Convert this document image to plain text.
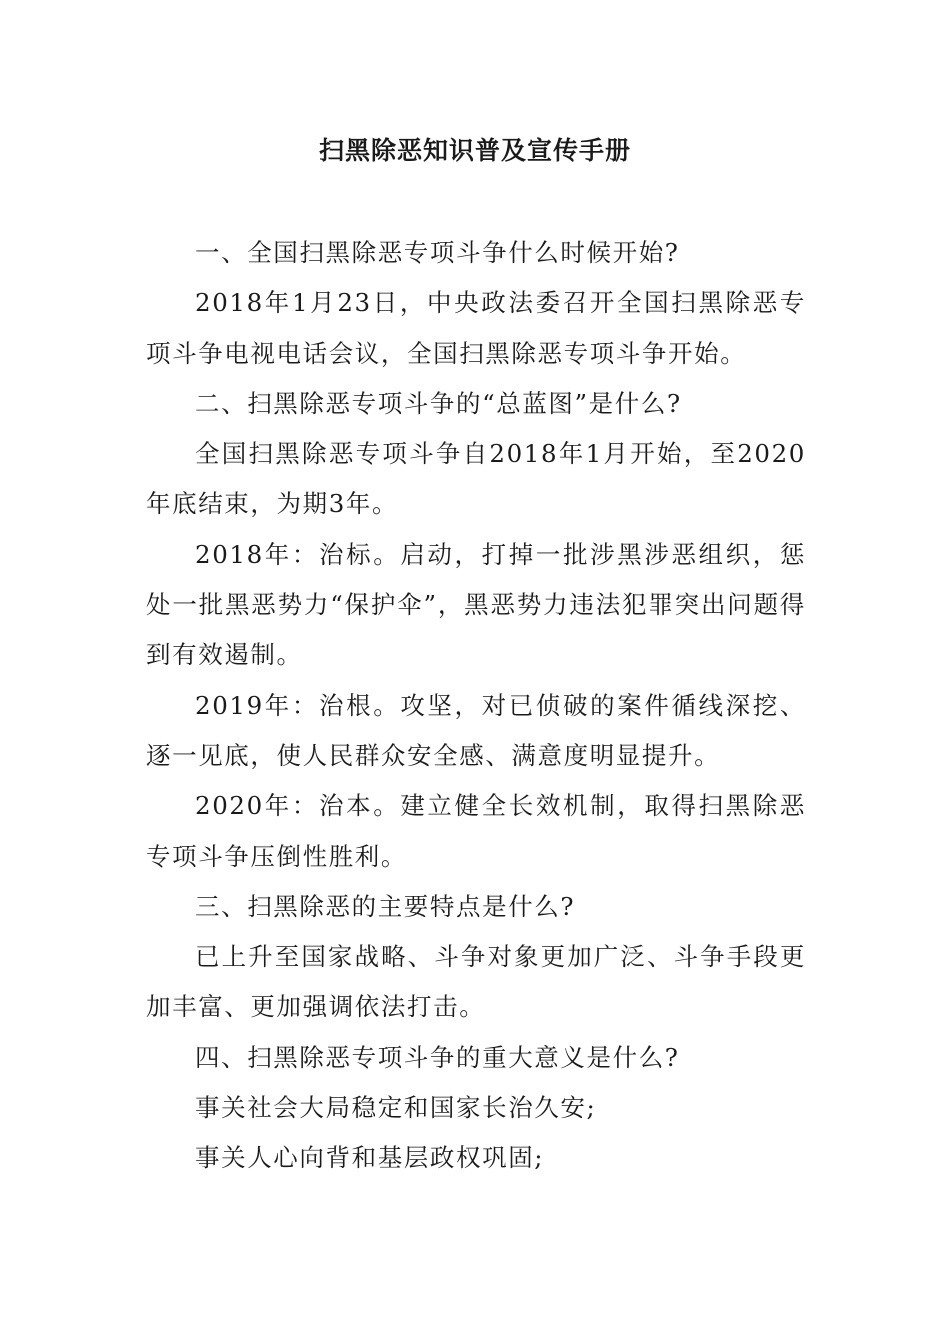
扫黑除恶知识普及宣传手册

一、全国扫黑除恶专项斗争什么时候开始?

2018年1月23日，中央政法委召开全国扫黑除恶专项斗争电视电话会议，全国扫黑除恶专项斗争开始。

二、扫黑除恶专项斗争的“总蓝图”是什么?

全国扫黑除恶专项斗争自2018年1月开始，至2020年底结束，为期3年。

2018年：治标。启动，打掉一批涉黑涉恶组织，惩处一批黑恶势力“保护伞”，黑恶势力违法犯罪突出问题得到有效遏制。

2019年：治根。攻坚，对已侦破的案件循线深挖、逐一见底，使人民群众安全感、满意度明显提升。

2020年：治本。建立健全长效机制，取得扫黑除恶专项斗争压倒性胜利。

三、扫黑除恶的主要特点是什么?

已上升至国家战略、斗争对象更加广泛、斗争手段更加丰富、更加强调依法打击。

四、扫黑除恶专项斗争的重大意义是什么?

事关社会大局稳定和国家长治久安;

事关人心向背和基层政权巩固;
